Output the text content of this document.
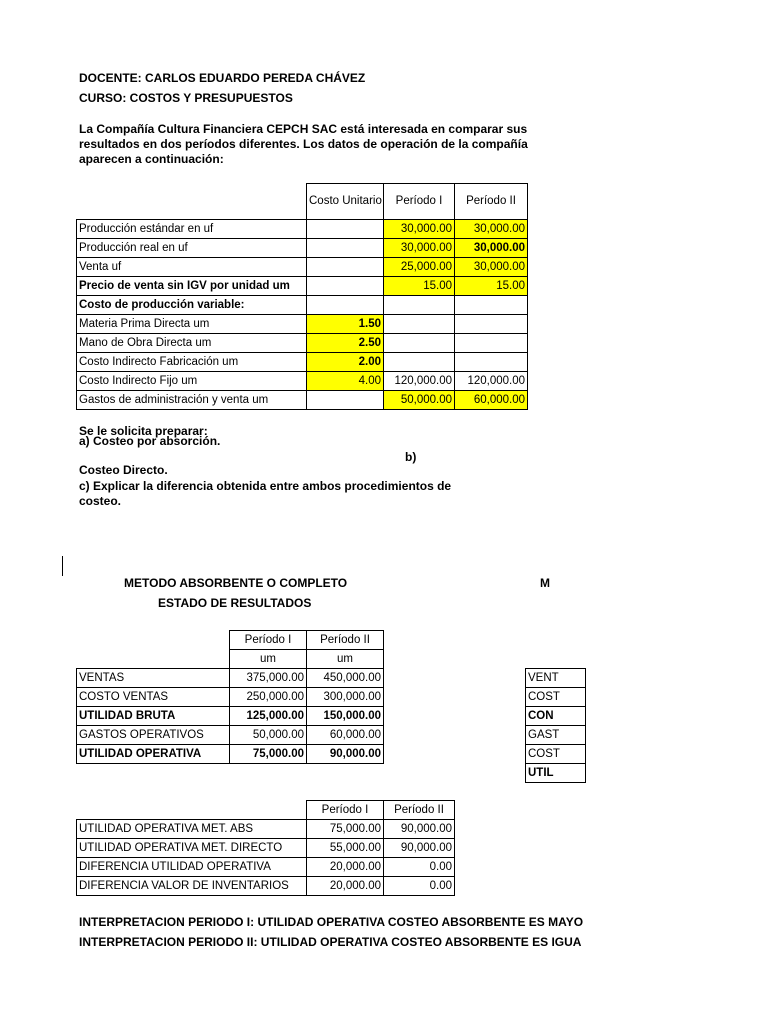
DOCENTE: CARLOS EDUARDO PEREDA CHÁVEZ
CURSO: COSTOS Y PRESUPUESTOS
La Compañía Cultura Financiera CEPCH SAC está interesada en comparar sus resultados en dos períodos diferentes. Los datos de operación de la compañía aparecen a continuación:
	Costo Unitario	Período I	Período II
Producción estándar en uf		30,000.00	30,000.00
Producción real en uf		30,000.00	30,000.00
Venta uf		25,000.00	30,000.00
Precio de venta sin IGV por unidad um		15.00	15.00
Costo de producción variable:			
Materia Prima Directa um	1.50		
Mano de Obra Directa um	2.50		
Costo Indirecto Fabricación um	2.00		
Costo Indirecto Fijo um	4.00	120,000.00	120,000.00
Gastos de administración y venta um		50,000.00	60,000.00
Se le solicita preparar:
a) Costeo por absorción.
b)
Costeo Directo.
c) Explicar la diferencia obtenida entre ambos procedimientos de costeo.
METODO ABSORBENTE O COMPLETO
ESTADO DE RESULTADOS
	Período I	Período II
	um	um
VENTAS	375,000.00	450,000.00
COSTO VENTAS	250,000.00	300,000.00
UTILIDAD BRUTA	125,000.00	150,000.00
GASTOS OPERATIVOS	50,000.00	60,000.00
UTILIDAD OPERATIVA	75,000.00	90,000.00
M
VENT
COST
CON
GAST
COST
UTIL
	Período I	Período II
UTILIDAD OPERATIVA MET. ABS	75,000.00	90,000.00
UTILIDAD OPERATIVA MET. DIRECTO	55,000.00	90,000.00
DIFERENCIA UTILIDAD OPERATIVA	20,000.00	0.00
DIFERENCIA VALOR DE INVENTARIOS	20,000.00	0.00
INTERPRETACION PERIODO I: UTILIDAD OPERATIVA COSTEO ABSORBENTE ES MAYO
INTERPRETACION PERIODO II: UTILIDAD OPERATIVA COSTEO ABSORBENTE ES IGUA
